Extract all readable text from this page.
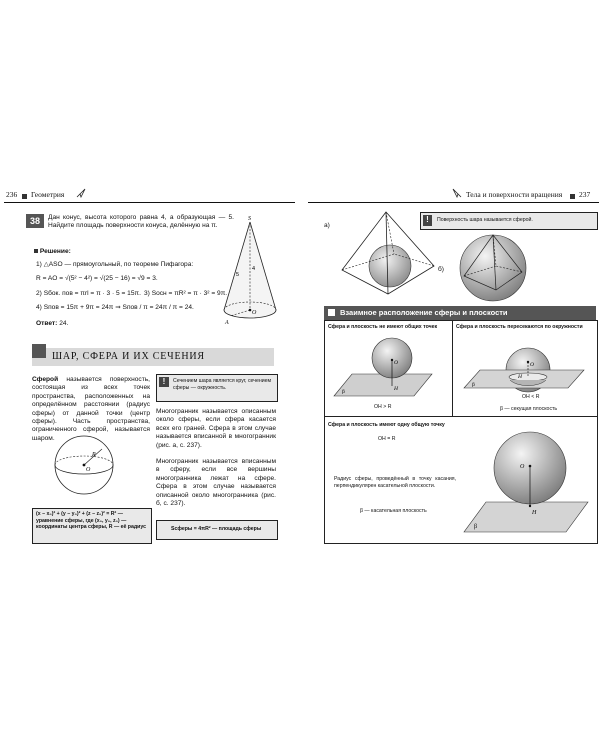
236 Геометрия
38	Дан конус, высота которого равна 4, а образующая — 5. Найдите площадь поверхности конуса, делённую на π.
Решение:
1) △ASO — прямоугольный, по теореме Пифагора:
R = AO = √(5² − 4²) = √(25 − 16) = √9 = 3.
2) Sбок. пов = πrl = π · 3 · 5 = 15π. 3) Sосн = πR² = π · 3² = 9π.
4) Sпов = 15π + 9π = 24π ⇒ Sпов / π = 24π / π = 24.
Ответ: 24.
S
A
O
4
5
ШАР, СФЕРА И ИХ СЕЧЕНИЯ
Сферой называется поверхность, состоящая из всех точек пространства, расположенных на определённом расстоянии (радиус сферы) от данной точки (центр сферы). Часть пространства, ограниченного сферой, называется шаром.
O
R
(x − x₀)² + (y − y₀)² + (z − z₀)² = R² — уравнение сферы, где (x₀, y₀, z₀) — координаты центра сферы, R — её радиус
!	Сечением шара является круг, сечением сферы — окружность.
Многогранник называется описанным около сферы, если сфера касается всех его граней. Сфера в этом случае называется вписанной в многогранник (рис. а, с. 237).
Многогранник называется вписанным в сферу, если все вершины многогранника лежат на сфере. Сфера в этом случае называется описанной около многогранника (рис. б, с. 237).
Sсферы = 4πR² — площадь сферы
Тела и поверхности вращения 237
а)
!	Поверхность шара называется сферой.
б)
Взаимное расположение сферы и плоскости
Сфера и плоскость не имеют общих точек
O
H
β
OH > R
Сфера и плоскость пересекаются по окружности
O
H
β
OH < R
β — секущая плоскость
Сфера и плоскость имеют одну общую точку
OH = R
Радиус сферы, проведённый в точку касания, перпендикулярен касательной плоскости.
β — касательная плоскость
O
H
β
